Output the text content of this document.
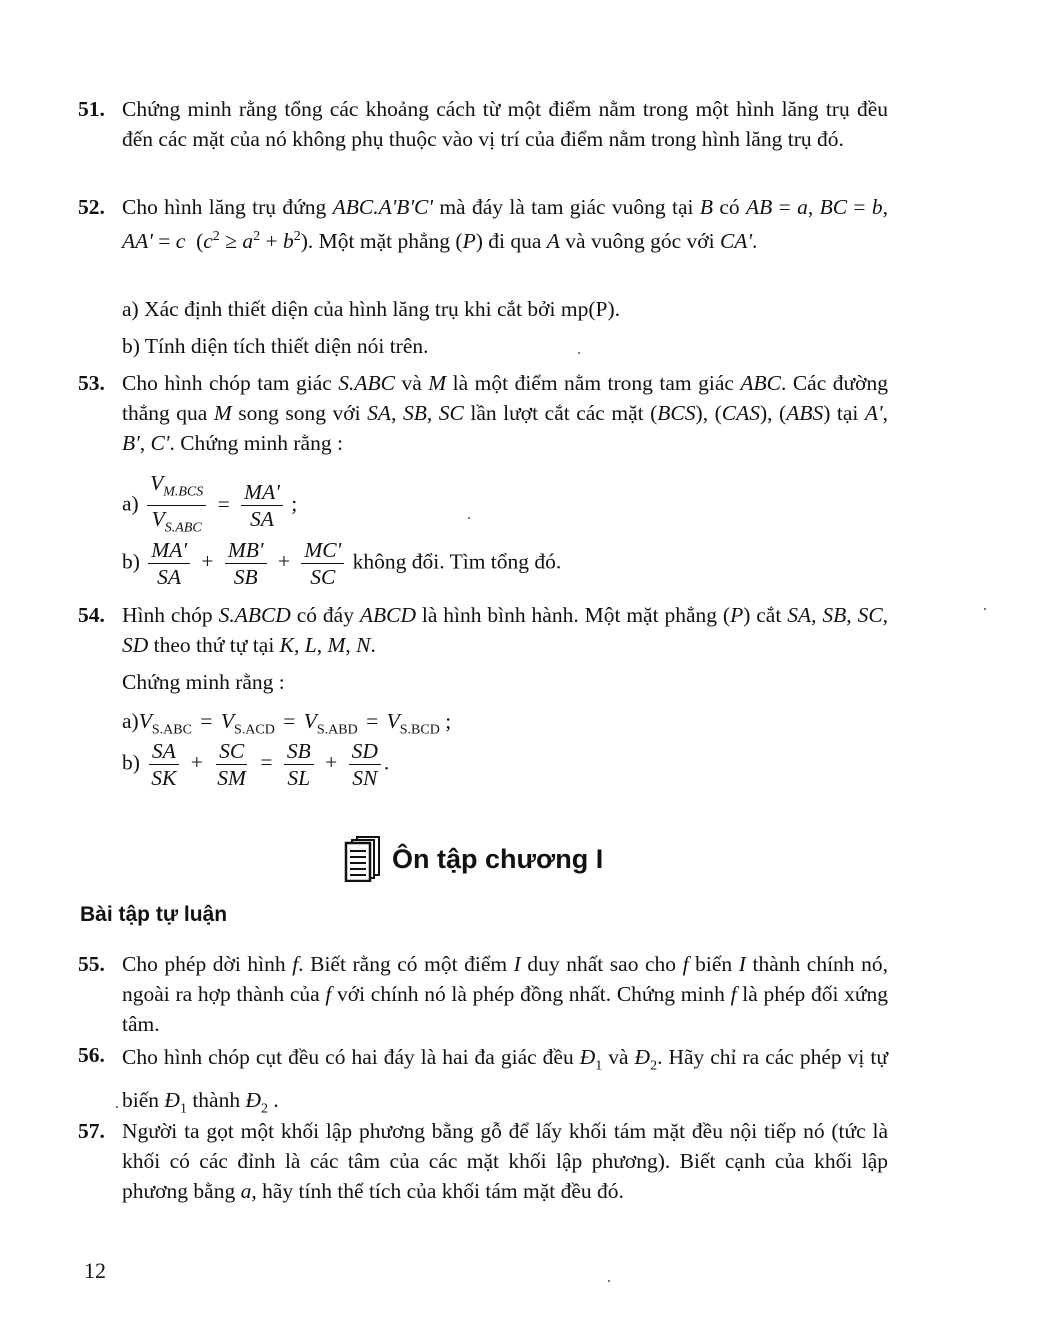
51. Chứng minh rằng tổng các khoảng cách từ một điểm nằm trong một hình lăng trụ đều đến các mặt của nó không phụ thuộc vào vị trí của điểm nằm trong hình lăng trụ đó.

52. Cho hình lăng trụ đứng ABC.A'B'C' mà đáy là tam giác vuông tại B có AB = a, BC = b, AA' = c  $(c^2 \ge a^2 + b^2)$. Một mặt phẳng (P) đi qua A và vuông góc với CA'.

a) Xác định thiết diện của hình lăng trụ khi cắt bởi mp(P).

b) Tính diện tích thiết diện nói trên.

53. Cho hình chóp tam giác S.ABC và M là một điểm nằm trong tam giác ABC. Các đường thẳng qua M song song với SA, SB, SC lần lượt cắt các mặt (BCS), (CAS), (ABS) tại A', B', C'. Chứng minh rằng :

$a) \frac{V_{M.BCS}}{V_{S.ABC}} = \frac{MA'}{SA}$ ;
$b) \frac{MA'}{SA} + \frac{MB'}{SB} + \frac{MC'}{SC}$ không đổi. Tìm tổng đó.
54. Hình chóp S.ABCD có đáy ABCD là hình bình hành. Một mặt phẳng (P) cắt SA, SB, SC, SD theo thứ tự tại K, L, M, N.

Chứng minh rằng :

$a)V_{S.ABC} = V_{S.ACD} = V_{S.ABD} = V_{S.BCD}$ ;
$b) \frac{SA}{SK} + \frac{SC}{SM} = \frac{SB}{SL} + \frac{SD}{SN}$ .
Ôn tập chương I
Bài tập tự luận
55. Cho phép dời hình f. Biết rằng có một điểm I duy nhất sao cho f biến I thành chính nó, ngoài ra hợp thành của f với chính nó là phép đồng nhất. Chứng minh f là phép đối xứng tâm.

56. Cho hình chóp cụt đều có hai đáy là hai đa giác đều $Đ_1$ và $Đ_2$. Hãy chỉ ra các phép vị tự biến $Đ_1$ thành $Đ_2$ .

57. Người ta gọt một khối lập phương bằng gỗ để lấy khối tám mặt đều nội tiếp nó (tức là khối có các đỉnh là các tâm của các mặt khối lập phương). Biết cạnh của khối lập phương bằng a, hãy tính thể tích của khối tám mặt đều đó.

12
